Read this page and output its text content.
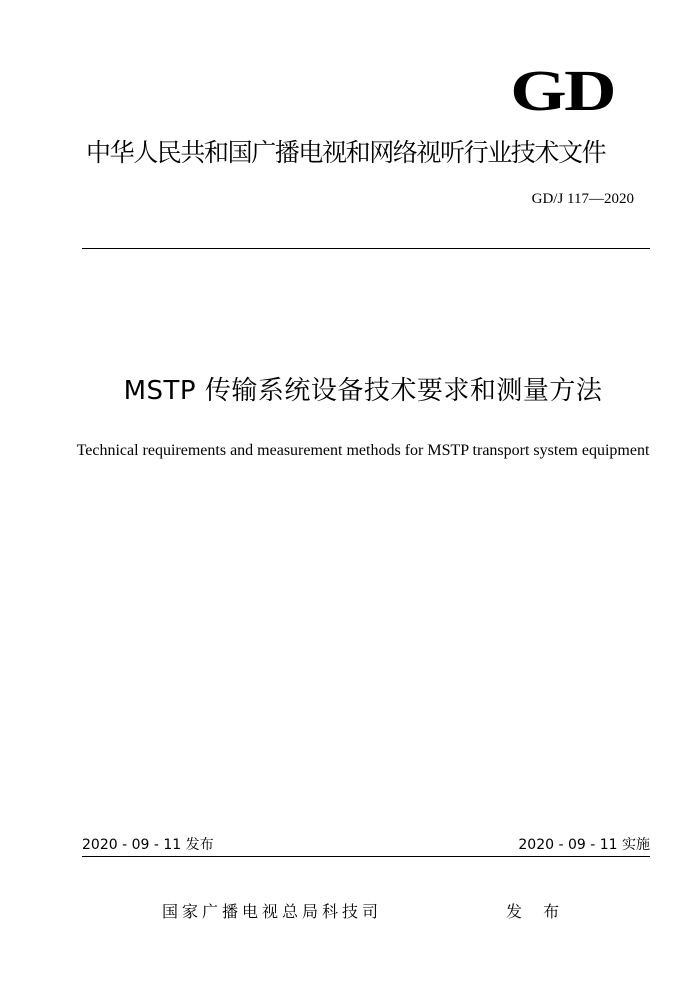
GD
中华人民共和国广播电视和网络视听行业技术文件
GD/J 117—2020
MSTP 传输系统设备技术要求和测量方法
Technical requirements and measurement methods for MSTP transport system equipment
2020 - 09 - 11 发布	2020 - 09 - 11 实施
国家广播电视总局科技司	发 布
